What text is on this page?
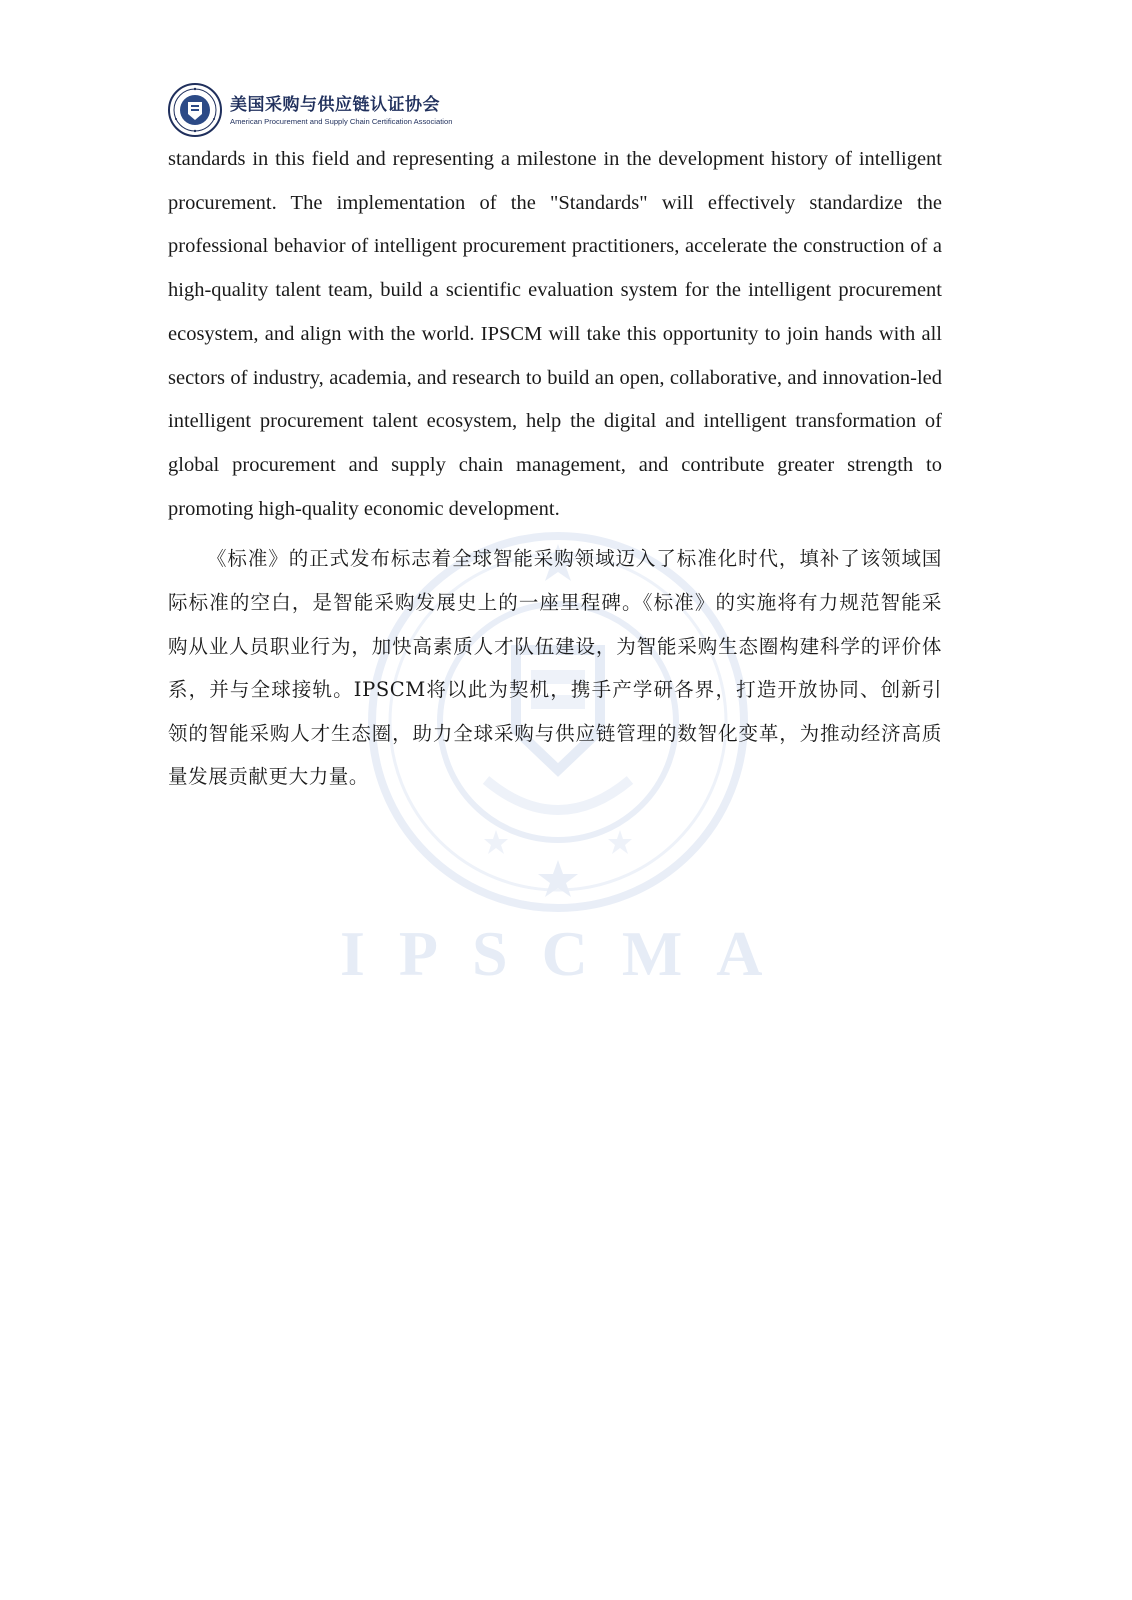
美国采购与供应链认证协会
American Procurement and Supply Chain Certification Association
IPSCMA

standards in this field and representing a milestone in the development history of intelligent procurement. The implementation of the "Standards" will effectively standardize the professional behavior of intelligent procurement practitioners, accelerate the construction of a high-quality talent team, build a scientific evaluation system for the intelligent procurement ecosystem, and align with the world. IPSCM will take this opportunity to join hands with all sectors of industry, academia, and research to build an open, collaborative, and innovation-led intelligent procurement talent ecosystem, help the digital and intelligent transformation of global procurement and supply chain management, and contribute greater strength to promoting high-quality economic development.

《标准》的正式发布标志着全球智能采购领域迈入了标准化时代，填补了该领域国际标准的空白，是智能采购发展史上的一座里程碑。《标准》的实施将有力规范智能采购从业人员职业行为，加快高素质人才队伍建设，为智能采购生态圈构建科学的评价体系，并与全球接轨。IPSCM将以此为契机，携手产学研各界，打造开放协同、创新引领的智能采购人才生态圈，助力全球采购与供应链管理的数智化变革，为推动经济高质量发展贡献更大力量。
